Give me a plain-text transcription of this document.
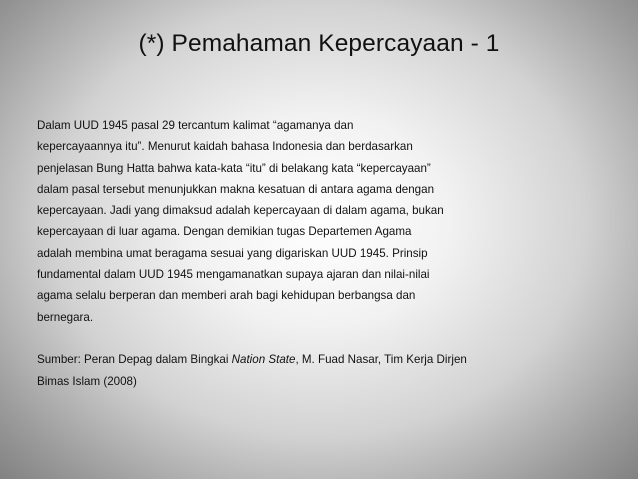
(*) Pemahaman Kepercayaan - 1
Dalam UUD 1945 pasal 29 tercantum kalimat “agamanya dan
kepercayaannya itu”. Menurut kaidah bahasa Indonesia dan berdasarkan
penjelasan Bung Hatta bahwa kata-kata “itu” di belakang kata “kepercayaan”
dalam pasal tersebut menunjukkan makna kesatuan di antara agama dengan
kepercayaan. Jadi yang dimaksud adalah kepercayaan di dalam agama, bukan
kepercayaan di luar agama. Dengan demikian tugas Departemen Agama
adalah membina umat beragama sesuai yang digariskan UUD 1945. Prinsip
fundamental dalam UUD 1945 mengamanatkan supaya ajaran dan nilai-nilai
agama selalu berperan dan memberi arah bagi kehidupan berbangsa dan
bernegara.
Sumber: Peran Depag dalam Bingkai Nation State, M. Fuad Nasar, Tim Kerja Dirjen
Bimas Islam (2008)
